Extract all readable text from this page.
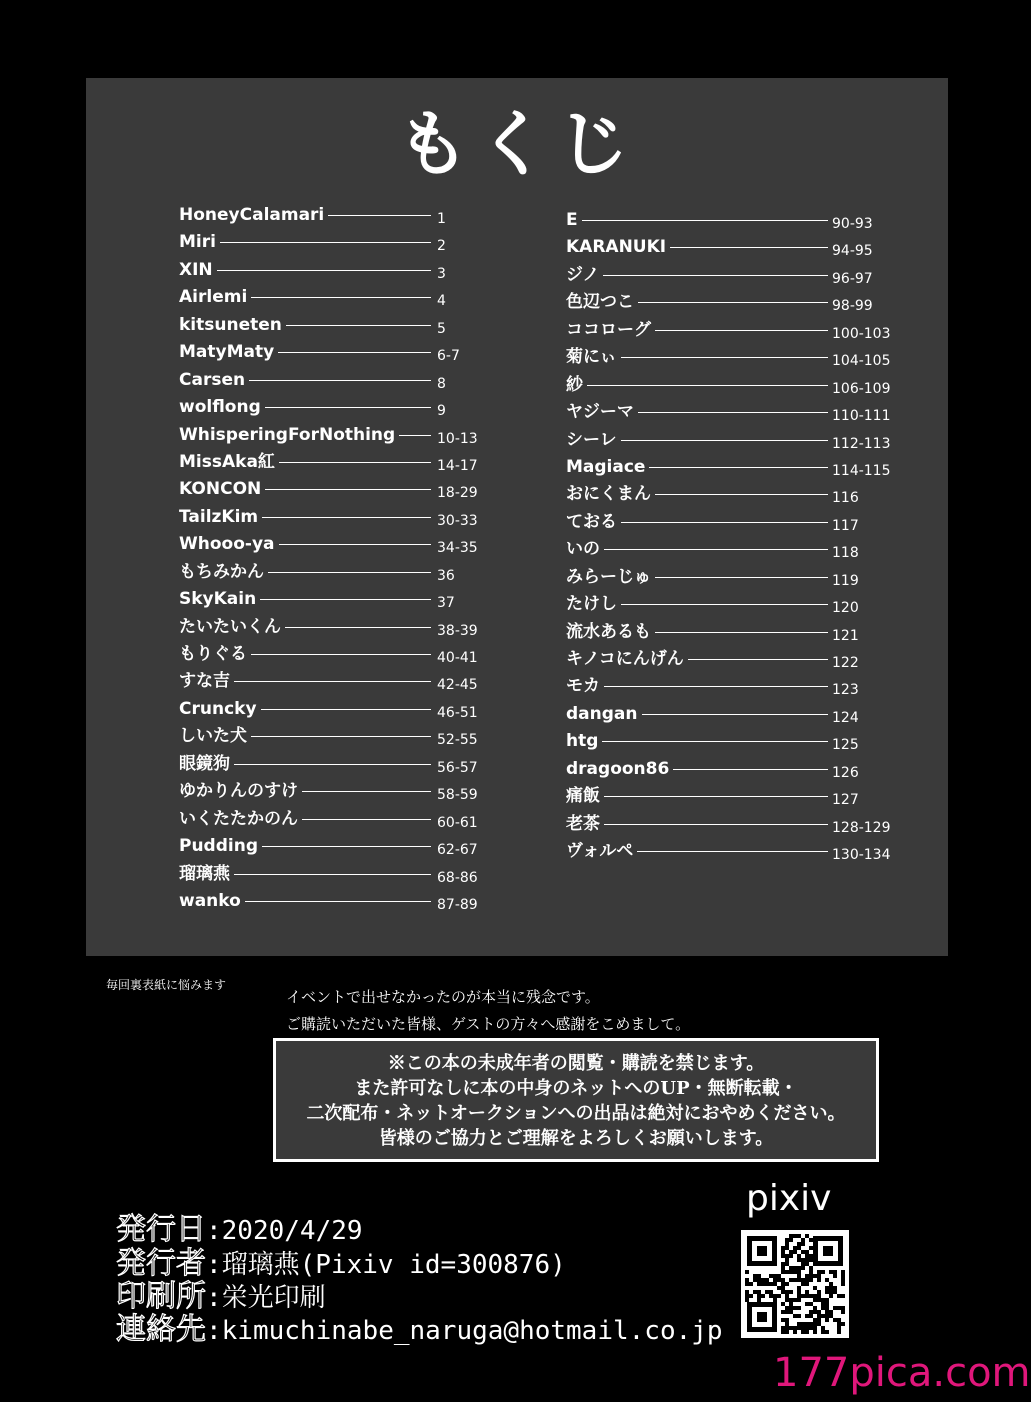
もくじ
HoneyCalamari	1
Miri	2
XIN	3
Airlemi	4
kitsuneten	5
MatyMaty	6-7
Carsen	8
wolflong	9
WhisperingForNothing	10-13
MissAka紅	14-17
KONCON	18-29
TailzKim	30-33
Whooo-ya	34-35
もちみかん	36
SkyKain	37
たいたいくん	38-39
もりぐる	40-41
すな吉	42-45
Cruncky	46-51
しいた犬	52-55
眼鏡狗	56-57
ゆかりんのすけ	58-59
いくたたかのん	60-61
Pudding	62-67
瑠璃燕	68-86
wanko	87-89
E	90-93
KARANUKI	94-95
ジノ	96-97
色辺つこ	98-99
ココローグ	100-103
菊にぃ	104-105
紗	106-109
ヤジーマ	110-111
シーレ	112-113
Magiace	114-115
おにくまん	116
ておる	117
いの	118
みらーじゅ	119
たけし	120
流水あるも	121
キノコにんげん	122
モカ	123
dangan	124
htg	125
dragoon86	126
痛飯	127
老茶	128-129
ヴォルペ	130-134
毎回裏表紙に悩みます
イベントで出せなかったのが本当に残念です。
ご購読いただいた皆様、ゲストの方々へ感謝をこめまして。
※この本の未成年者の閲覧・購読を禁じます。
また許可なしに本の中身のネットへのUP・無断転載・
二次配布・ネットオークションへの出品は絶対におやめください。
皆様のご協力とご理解をよろしくお願いします。
発行日:2020/4/29
発行者:瑠璃燕(Pixiv id=300876)
印刷所:栄光印刷
連絡先:kimuchinabe_naruga@hotmail.co.jp
pixiv
177pica.com
